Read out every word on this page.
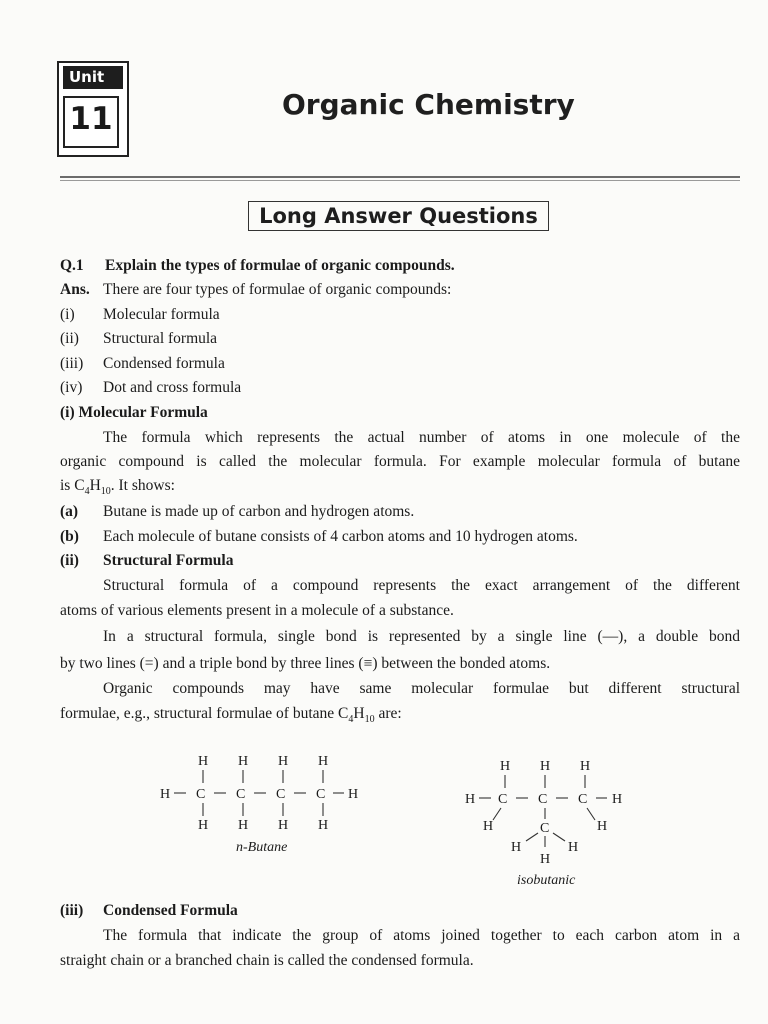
Unit
11	Organic Chemistry
Long Answer Questions
Q.1 Explain the types of formulae of organic compounds.
Ans. There are four types of formulae of organic compounds:
(i) Molecular formula
(ii) Structural formula
(iii) Condensed formula
(iv) Dot and cross formula
(i) Molecular Formula
The formula which represents the actual number of atoms in one molecule of the
organic compound is called the molecular formula. For example molecular formula of butane
is $C_4H_{10}$. It shows:
(a) Butane is made up of carbon and hydrogen atoms.
(b) Each molecule of butane consists of 4 carbon atoms and 10 hydrogen atoms.
(ii) Structural Formula
Structural formula of a compound represents the exact arrangement of the different
atoms of various elements present in a molecule of a substance.
In a structural formula, single bond is represented by a single line (—), a double bond
by two lines (=) and a triple bond by three lines (≡) between the bonded atoms.
Organic compounds may have same molecular formulae but different structural
formulae, e.g., structural formulae of butane $C_4H_{10}$ are:
H H H H
H C C C C H
H H H H
n-Butane
H H H
H C C C H
H	C	H
H	H
H
isobutanic
(iii) Condensed Formula
The formula that indicate the group of atoms joined together to each carbon atom in a
straight chain or a branched chain is called the condensed formula.
